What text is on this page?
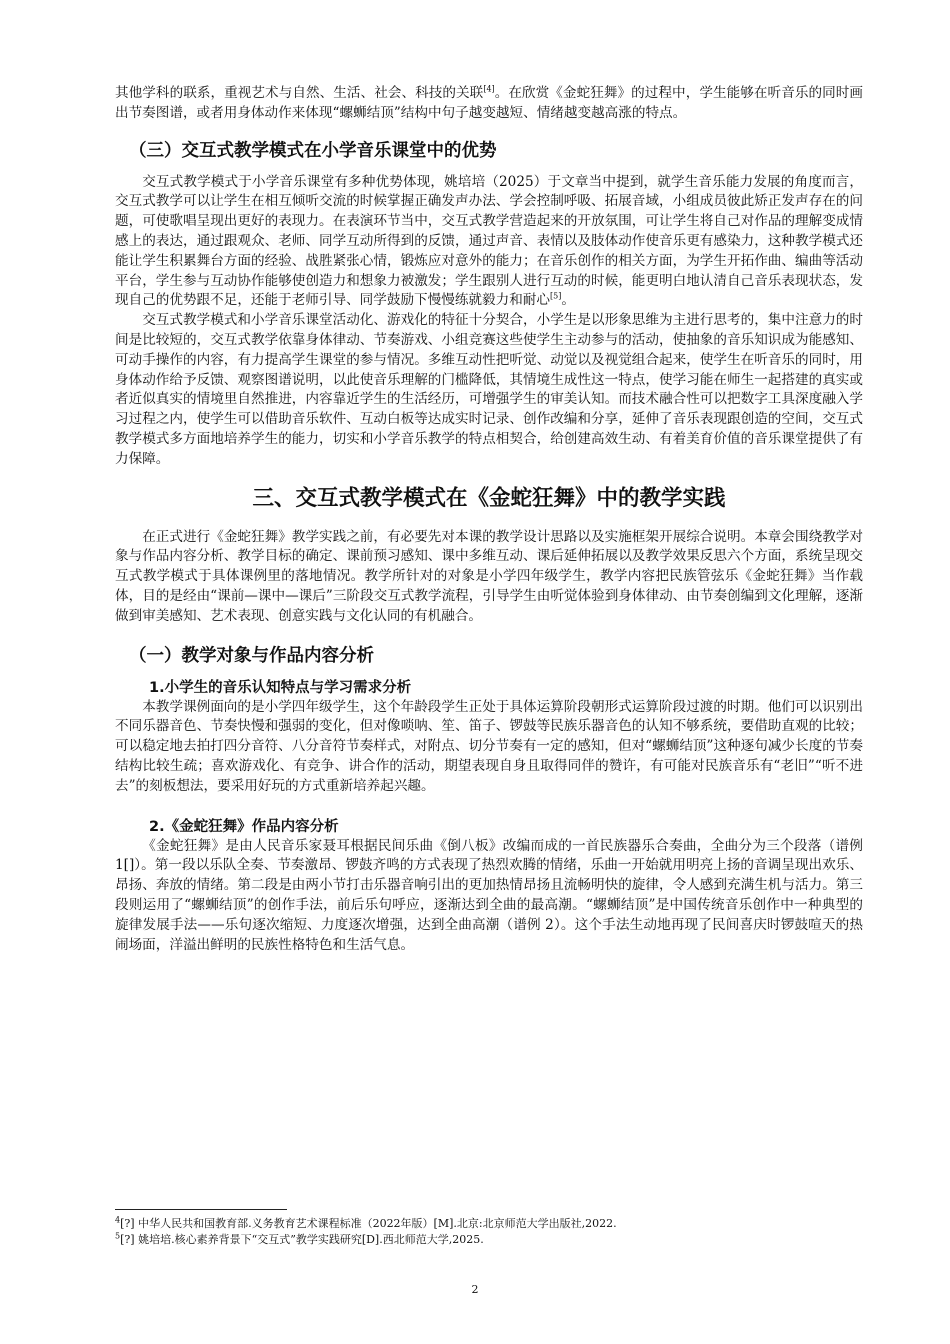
其他学科的联系，重视艺术与自然、生活、社会、科技的关联[4]。在欣赏《金蛇狂舞》的过程中，学生能够在听音乐的同时画出节奏图谱，或者用身体动作来体现“螺蛳结顶”结构中句子越变越短、情绪越变越高涨的特点。

（三）交互式教学模式在小学音乐课堂中的优势

交互式教学模式于小学音乐课堂有多种优势体现，姚培培（2025）于文章当中提到，就学生音乐能力发展的角度而言，交互式教学可以让学生在相互倾听交流的时候掌握正确发声办法、学会控制呼吸、拓展音域，小组成员彼此矫正发声存在的问题，可使歌唱呈现出更好的表现力。在表演环节当中，交互式教学营造起来的开放氛围，可让学生将自己对作品的理解变成情感上的表达，通过跟观众、老师、同学互动所得到的反馈，通过声音、表情以及肢体动作使音乐更有感染力，这种教学模式还能让学生积累舞台方面的经验、战胜紧张心情，锻炼应对意外的能力；在音乐创作的相关方面，为学生开拓作曲、编曲等活动平台，学生参与互动协作能够使创造力和想象力被激发；学生跟别人进行互动的时候，能更明白地认清自己音乐表现状态，发现自己的优势跟不足，还能于老师引导、同学鼓励下慢慢练就毅力和耐心[5]。

交互式教学模式和小学音乐课堂活动化、游戏化的特征十分契合，小学生是以形象思维为主进行思考的，集中注意力的时间是比较短的，交互式教学依靠身体律动、节奏游戏、小组竞赛这些使学生主动参与的活动，使抽象的音乐知识成为能感知、可动手操作的内容，有力提高学生课堂的参与情况。多维互动性把听觉、动觉以及视觉组合起来，使学生在听音乐的同时，用身体动作给予反馈、观察图谱说明，以此使音乐理解的门槛降低，其情境生成性这一特点，使学习能在师生一起搭建的真实或者近似真实的情境里自然推进，内容靠近学生的生活经历，可增强学生的审美认知。而技术融合性可以把数字工具深度融入学习过程之内，使学生可以借助音乐软件、互动白板等达成实时记录、创作改编和分享，延伸了音乐表现跟创造的空间，交互式教学模式多方面地培养学生的能力，切实和小学音乐教学的特点相契合，给创建高效生动、有着美育价值的音乐课堂提供了有力保障。

三、交互式教学模式在《金蛇狂舞》中的教学实践

在正式进行《金蛇狂舞》教学实践之前，有必要先对本课的教学设计思路以及实施框架开展综合说明。本章会围绕教学对象与作品内容分析、教学目标的确定、课前预习感知、课中多维互动、课后延伸拓展以及教学效果反思六个方面，系统呈现交互式教学模式于具体课例里的落地情况。教学所针对的对象是小学四年级学生，教学内容把民族管弦乐《金蛇狂舞》当作载体，目的是经由“课前—课中—课后”三阶段交互式教学流程，引导学生由听觉体验到身体律动、由节奏创编到文化理解，逐渐做到审美感知、艺术表现、创意实践与文化认同的有机融合。

（一）教学对象与作品内容分析
1.小学生的音乐认知特点与学习需求分析

本教学课例面向的是小学四年级学生，这个年龄段学生正处于具体运算阶段朝形式运算阶段过渡的时期。他们可以识别出不同乐器音色、节奏快慢和强弱的变化，但对像唢呐、笙、笛子、锣鼓等民族乐器音色的认知不够系统，要借助直观的比较；可以稳定地去拍打四分音符、八分音符节奏样式，对附点、切分节奏有一定的感知，但对“螺蛳结顶”这种逐句减少长度的节奏结构比较生疏；喜欢游戏化、有竞争、讲合作的活动，期望表现自身且取得同伴的赞许，有可能对民族音乐有“老旧”“听不进去”的刻板想法，要采用好玩的方式重新培养起兴趣。

2.《金蛇狂舞》作品内容分析

《金蛇狂舞》是由人民音乐家聂耳根据民间乐曲《倒八板》改编而成的一首民族器乐合奏曲，全曲分为三个段落（谱例 1[]）。第一段以乐队全奏、节奏激昂、锣鼓齐鸣的方式表现了热烈欢腾的情绪，乐曲一开始就用明亮上扬的音调呈现出欢乐、昂扬、奔放的情绪。第二段是由两小节打击乐器音响引出的更加热情昂扬且流畅明快的旋律，令人感到充满生机与活力。第三段则运用了“螺蛳结顶”的创作手法，前后乐句呼应，逐渐达到全曲的最高潮。“螺蛳结顶”是中国传统音乐创作中一种典型的旋律发展手法——乐句逐次缩短、力度逐次增强，达到全曲高潮（谱例 2）。这个手法生动地再现了民间喜庆时锣鼓喧天的热闹场面，洋溢出鲜明的民族性格特色和生活气息。

$^4$[?] 中华人民共和国教育部.义务教育艺术课程标准（2022年版）[M].北京:北京师范大学出版社,2022.
$^5$[?] 姚培培.核心素养背景下“交互式”教学实践研究[D].西北师范大学,2025.
2
